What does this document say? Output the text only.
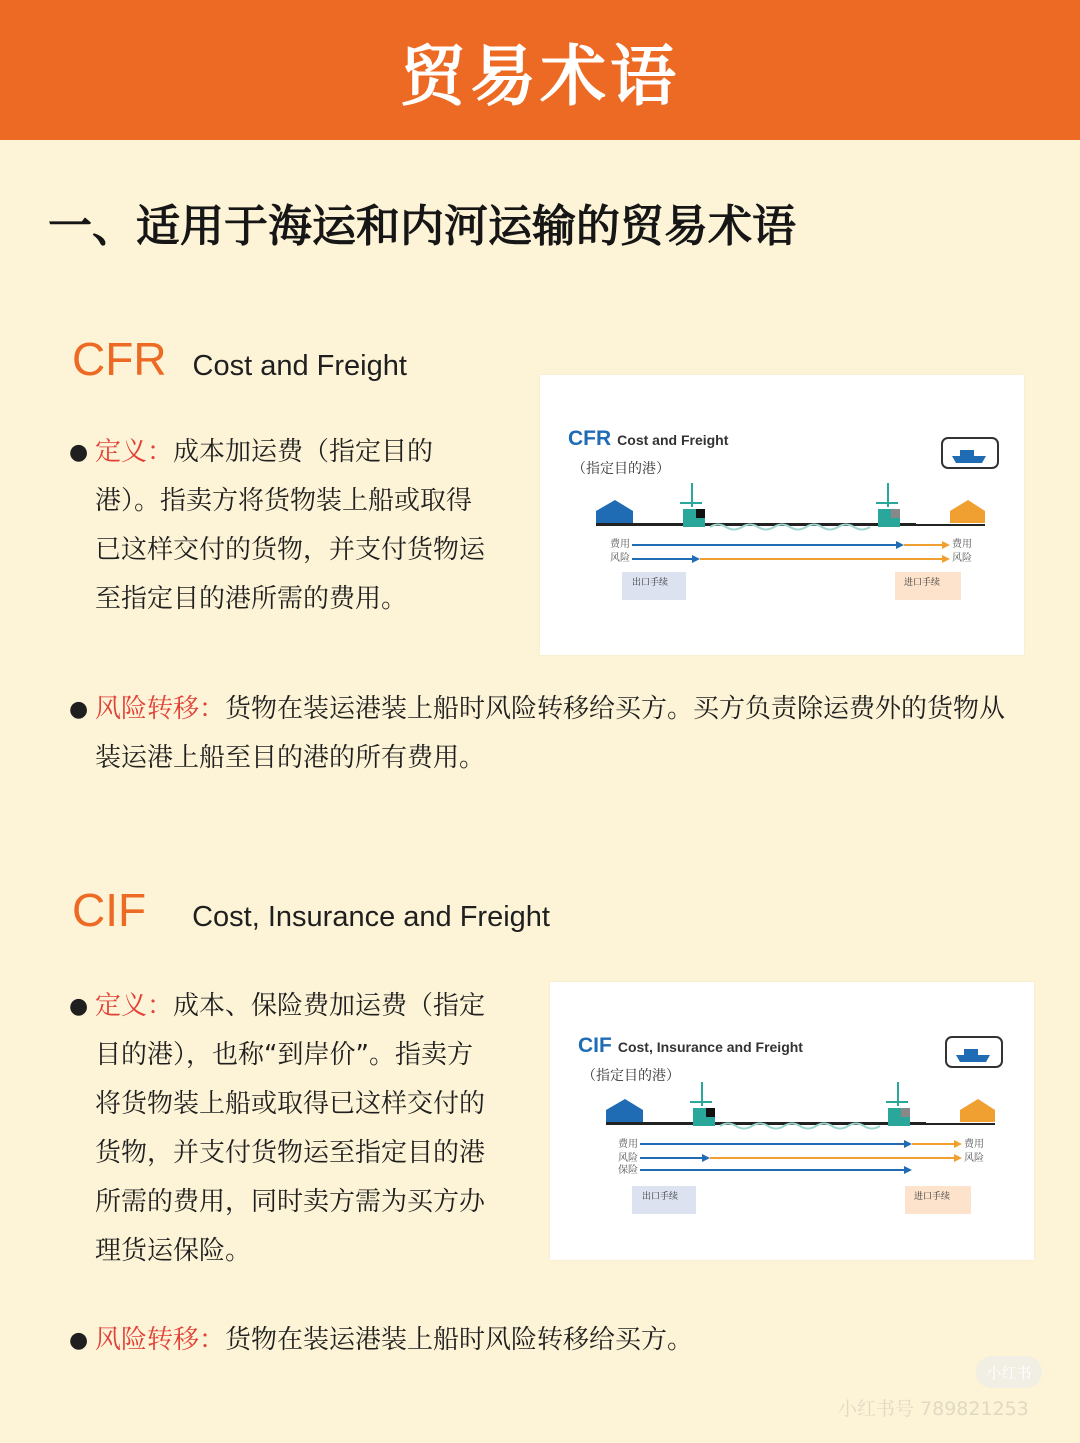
贸易术语
一、适用于海运和内河运输的贸易术语
CFR Cost and Freight

● 定义：成本加运费（指定目的港）。指卖方将货物装上船或取得已这样交付的货物，并支付货物运至指定目的港所需的费用。

CFR Cost and Freight
（指定目的港）
费用
风险
费用
风险
出口手续	进口手续

● 风险转移：货物在装运港装上船时风险转移给买方。买方负责除运费外的货物从装运港上船至目的港的所有费用。

CIF Cost, Insurance and Freight

● 定义：成本、保险费加运费（指定目的港），也称“到岸价”。指卖方将货物装上船或取得已这样交付的货物，并支付货物运至指定目的港所需的费用，同时卖方需为买方办理货运保险。

CIF Cost, Insurance and Freight
（指定目的港）
费用
风险
保险
费用
风险
出口手续	进口手续

● 风险转移：货物在装运港装上船时风险转移给买方。

小红书
小红书号 789821253
